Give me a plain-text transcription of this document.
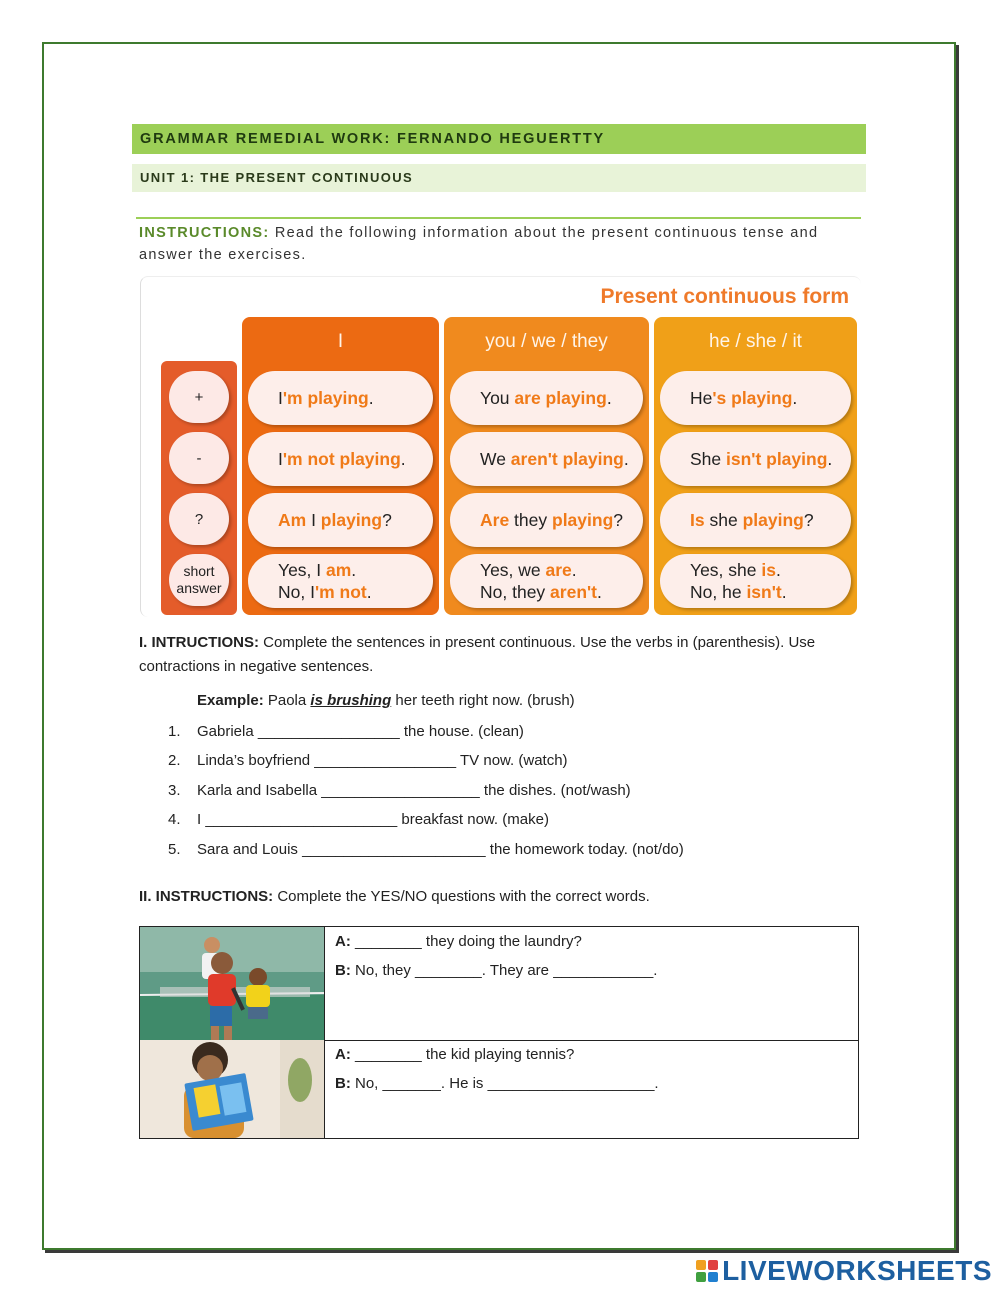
GRAMMAR REMEDIAL WORK: FERNANDO HEGUERTTY
UNIT 1: THE PRESENT CONTINUOUS
INSTRUCTIONS: Read the following information about the present continuous tense and answer the exercises.
Present continuous form
+
-
?
short
answer
I
I'm playing.
I'm not playing.
Am I playing?
Yes, I am.
No, I'm not.
you / we / they
You are playing.
We aren't playing.
Are they playing?
Yes, we are.
No, they aren't.
he / she / it
He's playing.
She isn't playing.
Is she playing?
Yes, she is.
No, he isn't.
I. INTRUCTIONS: Complete the sentences in present continuous. Use the verbs in (parenthesis). Use contractions in negative sentences.
Example: Paola is brushing her teeth right now. (brush)
1. Gabriela _________________ the house. (clean)
2. Linda’s boyfriend _________________ TV now. (watch)
3. Karla and Isabella ___________________ the dishes. (not/wash)
4. I _______________________ breakfast now. (make)
5. Sara and Louis ______________________ the homework today. (not/do)
II. INSTRUCTIONS: Complete the YES/NO questions with the correct words.
A: ________ they doing the laundry?
B: No, they ________. They are ____________.
A: ________ the kid playing tennis?
B: No, _______. He is ____________________.
LIVEWORKSHEETS
